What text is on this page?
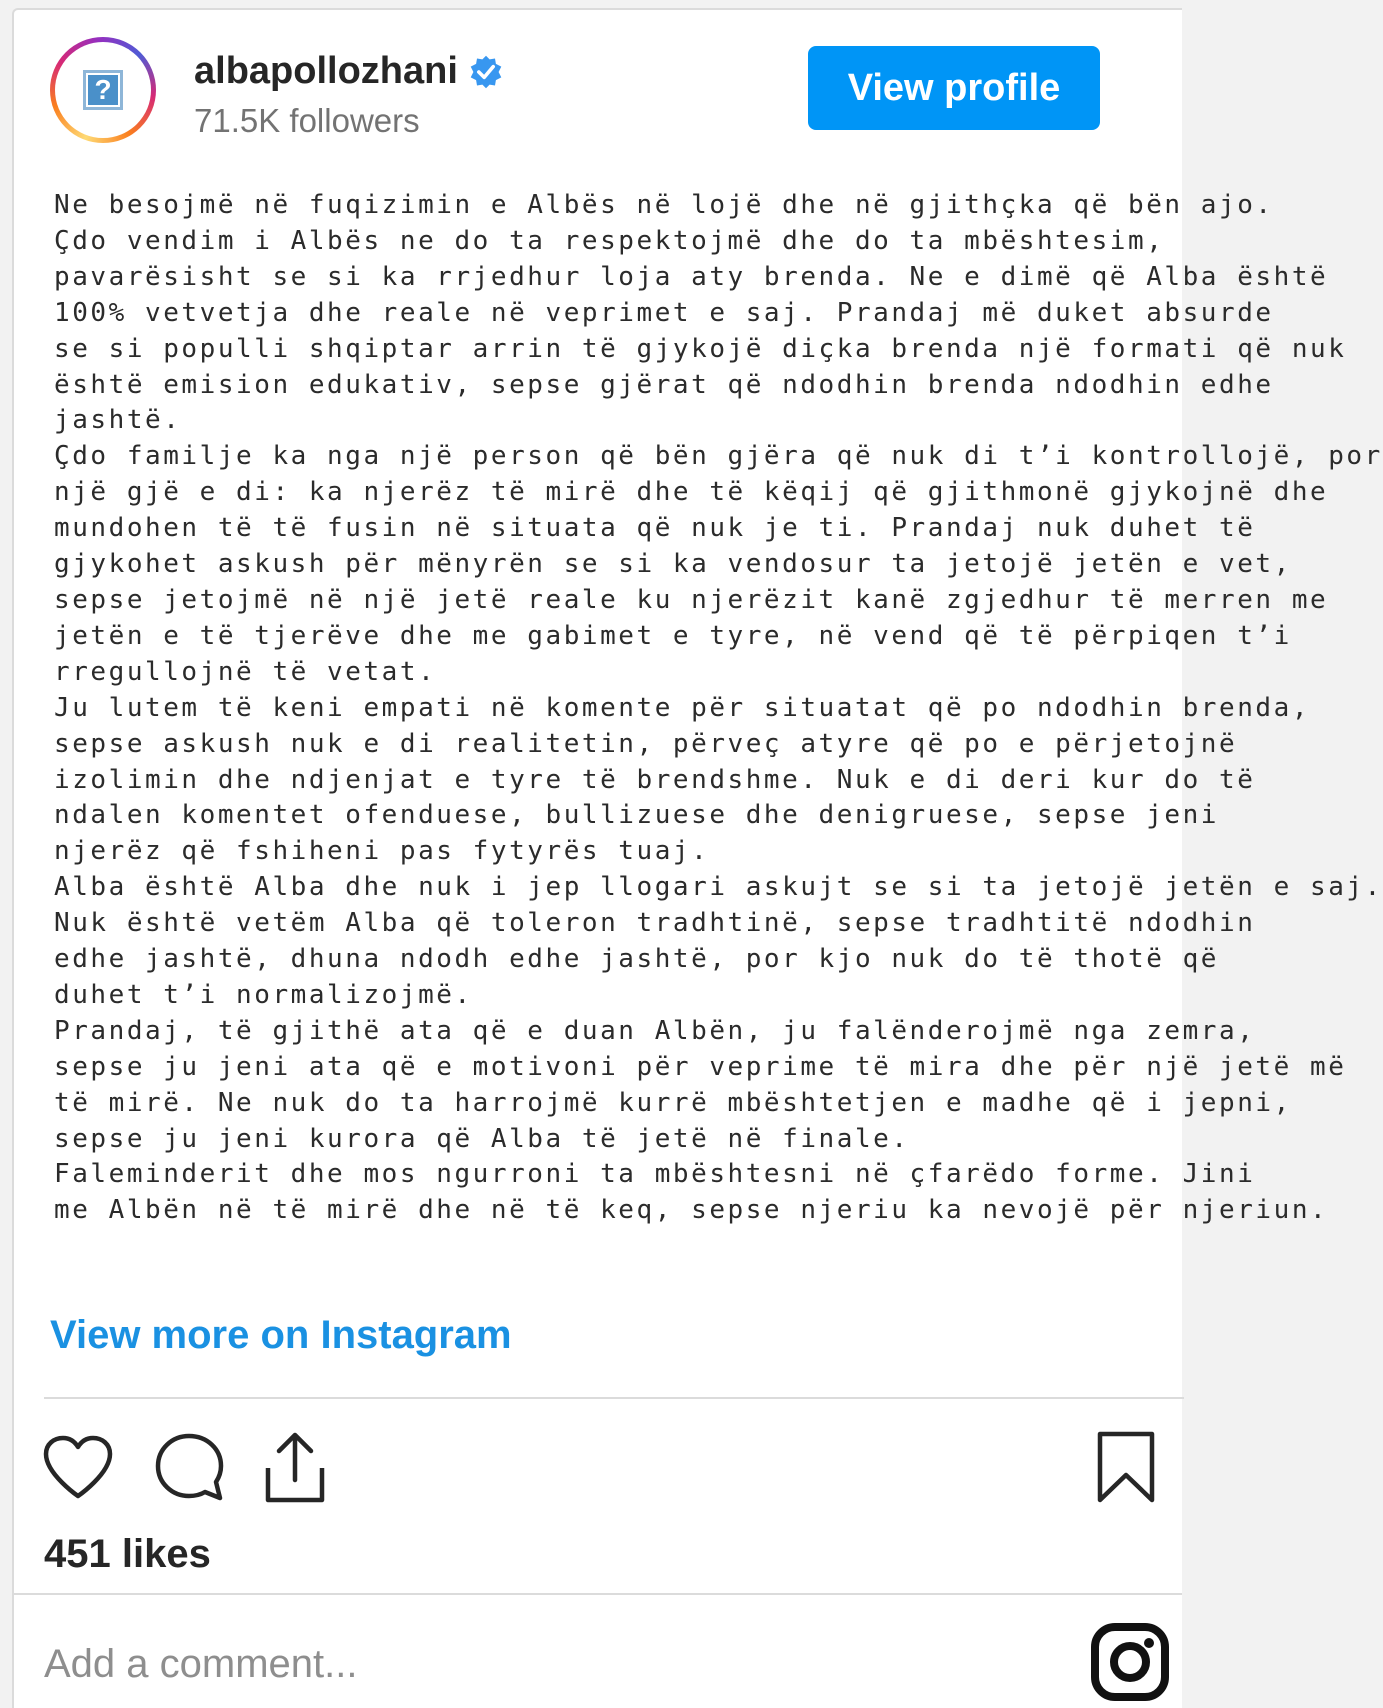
?	albapollozhani
71.5K followers
View profile
Ne besojmë në fuqizimin e Albës në lojë dhe në gjithçka që bën ajo.
Çdo vendim i Albës ne do ta respektojmë dhe do ta mbështesim,
pavarësisht se si ka rrjedhur loja aty brenda. Ne e dimë që Alba është
100% vetvetja dhe reale në veprimet e saj. Prandaj më duket absurde
se si populli shqiptar arrin të gjykojë diçka brenda një formati që nuk
është emision edukativ, sepse gjërat që ndodhin brenda ndodhin edhe
jashtë.
Çdo familje ka nga një person që bën gjëra që nuk di t’i kontrollojë, por
një gjë e di: ka njerëz të mirë dhe të këqij që gjithmonë gjykojnë dhe
mundohen të të fusin në situata që nuk je ti. Prandaj nuk duhet të
gjykohet askush për mënyrën se si ka vendosur ta jetojë jetën e vet,
sepse jetojmë në një jetë reale ku njerëzit kanë zgjedhur të merren me
jetën e të tjerëve dhe me gabimet e tyre, në vend që të përpiqen t’i
rregullojnë të vetat.
Ju lutem të keni empati në komente për situatat që po ndodhin brenda,
sepse askush nuk e di realitetin, përveç atyre që po e përjetojnë
izolimin dhe ndjenjat e tyre të brendshme. Nuk e di deri kur do të
ndalen komentet ofenduese, bullizuese dhe denigruese, sepse jeni
njerëz që fshiheni pas fytyrës tuaj.
Alba është Alba dhe nuk i jep llogari askujt se si ta jetojë jetën e saj.
Nuk është vetëm Alba që toleron tradhtinë, sepse tradhtitë ndodhin
edhe jashtë, dhuna ndodh edhe jashtë, por kjo nuk do të thotë që
duhet t’i normalizojmë.
Prandaj, të gjithë ata që e duan Albën, ju falënderojmë nga zemra,
sepse ju jeni ata që e motivoni për veprime të mira dhe për një jetë më
të mirë. Ne nuk do ta harrojmë kurrë mbështetjen e madhe që i jepni,
sepse ju jeni kurora që Alba të jetë në finale.
Faleminderit dhe mos ngurroni ta mbështesni në çfarëdo forme. Jini
me Albën në të mirë dhe në të keq, sepse njeriu ka nevojë për njeriun.
View more on Instagram
451 likes
Add a comment...
